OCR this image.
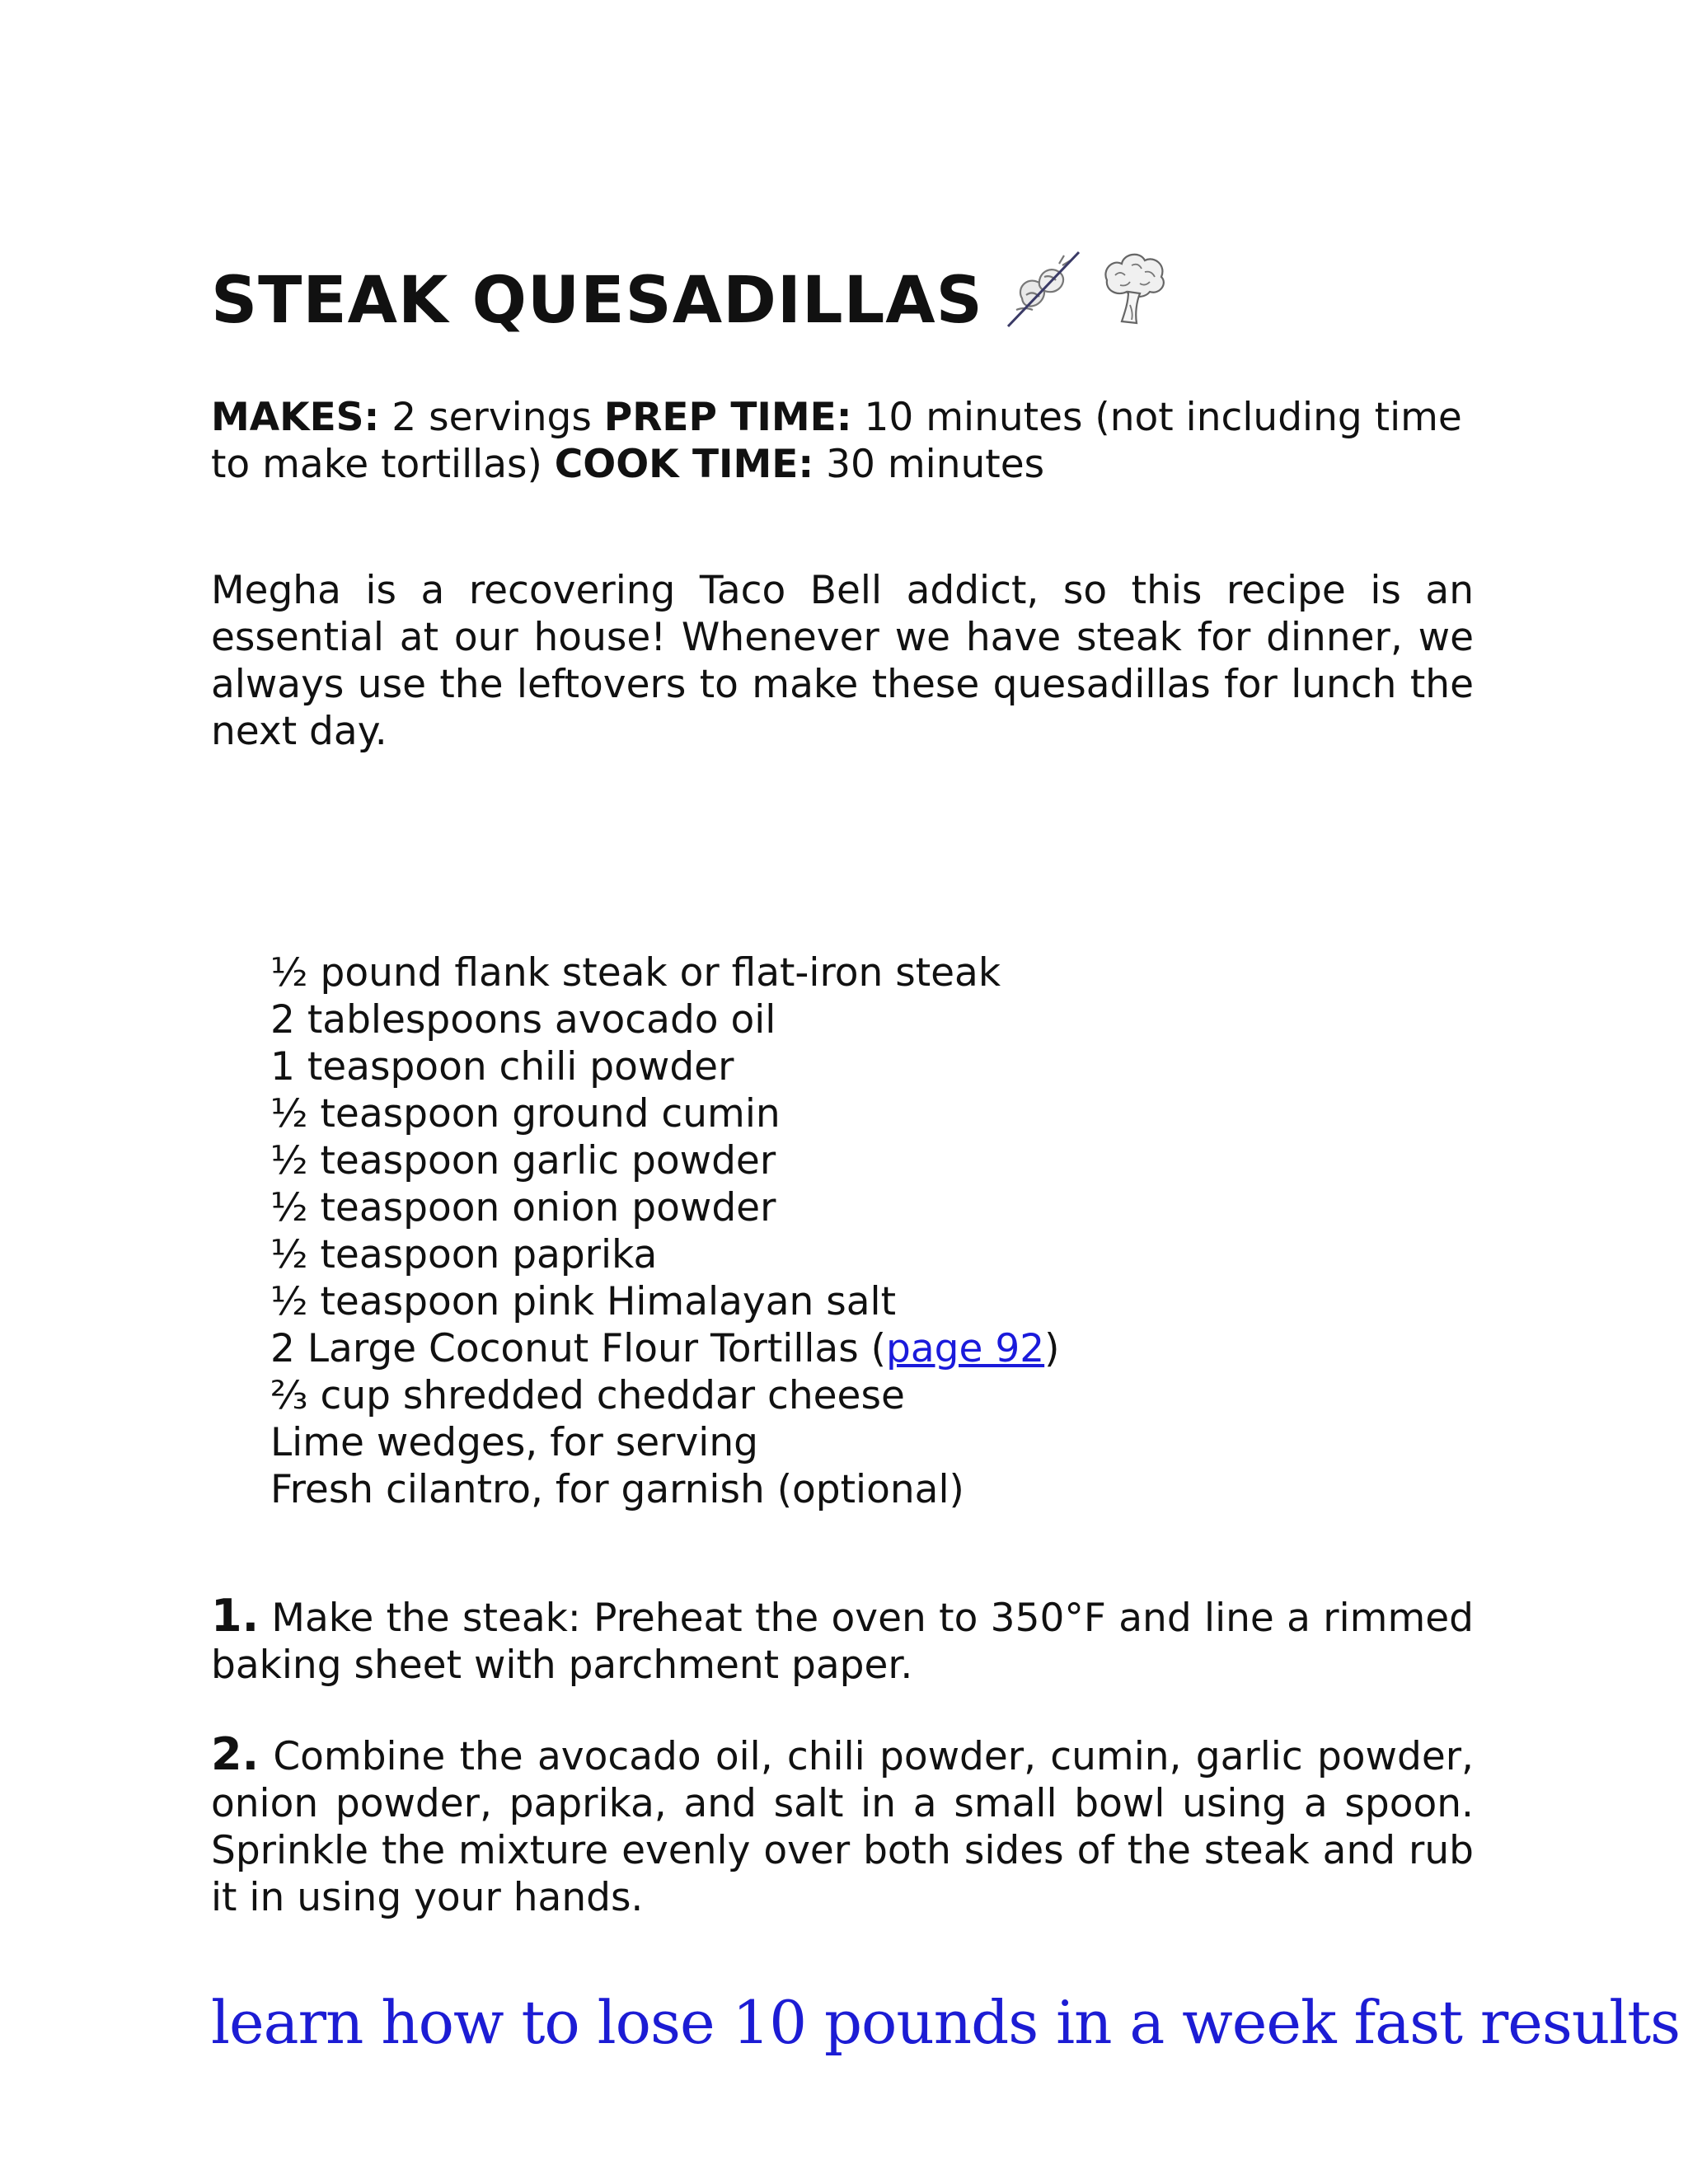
STEAK QUESADILLAS
MAKES: 2 servings PREP TIME: 10 minutes (not including time to make tortillas) COOK TIME: 30 minutes
Megha is a recovering Taco Bell addict, so this recipe is an essential at our house! Whenever we have steak for dinner, we always use the leftovers to make these quesadillas for lunch the next day.
½ pound flank steak or flat-iron steak
2 tablespoons avocado oil
1 teaspoon chili powder
½ teaspoon ground cumin
½ teaspoon garlic powder
½ teaspoon onion powder
½ teaspoon paprika
½ teaspoon pink Himalayan salt
2 Large Coconut Flour Tortillas (page 92)
⅔ cup shredded cheddar cheese
Lime wedges, for serving
Fresh cilantro, for garnish (optional)
1. Make the steak: Preheat the oven to 350°F and line a rimmed baking sheet with parchment paper.
2. Combine the avocado oil, chili powder, cumin, garlic powder, onion powder, paprika, and salt in a small bowl using a spoon. Sprinkle the mixture evenly over both sides of the steak and rub it in using your hands.
learn how to lose 10 pounds in a week fast results
